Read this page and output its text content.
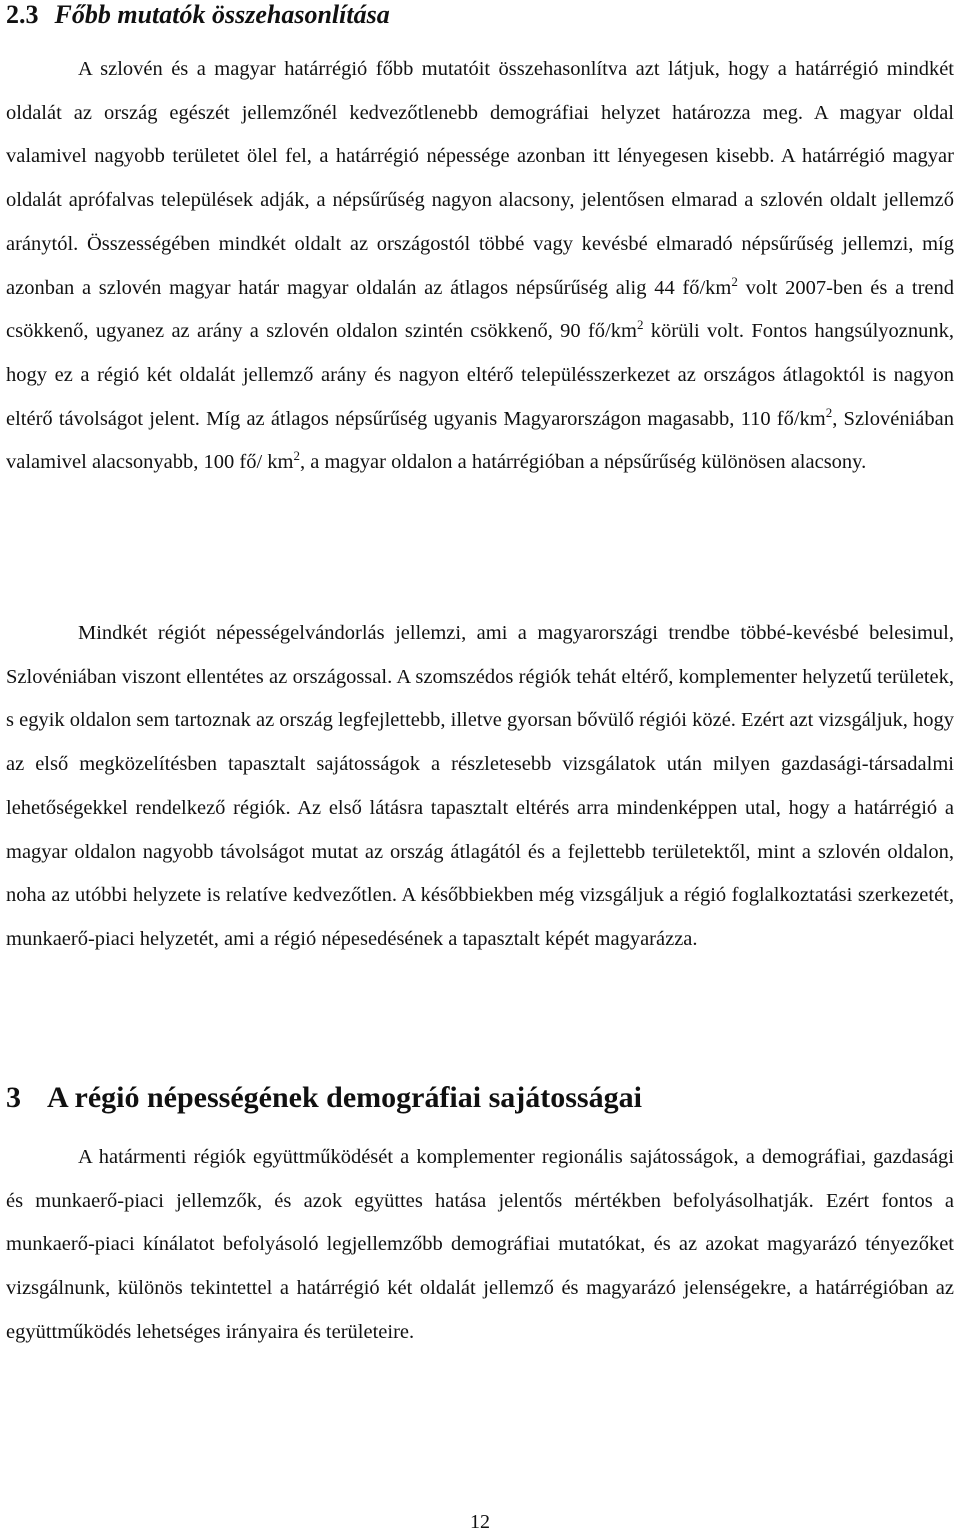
2.3 Főbb mutatók összehasonlítása

A szlovén és a magyar határrégió főbb mutatóit összehasonlítva azt látjuk, hogy a határrégió mindkét oldalát az ország egészét jellemzőnél kedvezőtlenebb demográfiai helyzet határozza meg. A magyar oldal valamivel nagyobb területet ölel fel, a határrégió népessége azonban itt lényegesen kisebb. A határrégió magyar oldalát aprófalvas települések adják, a népsűrűség nagyon alacsony, jelentősen elmarad a szlovén oldalt jellemző aránytól. Összességében mindkét oldalt az országostól többé vagy kevésbé elmaradó népsűrűség jellemzi, míg azonban a szlovén magyar határ magyar oldalán az átlagos népsűrűség alig 44 $fő/km^2$ volt 2007-ben és a trend csökkenő, ugyanez az arány a szlovén oldalon szintén csökkenő, 90 $fő/km^2$ körüli volt. Fontos hangsúlyoznunk, hogy ez a régió két oldalát jellemző arány és nagyon eltérő településszerkezet az országos átlagoktól is nagyon eltérő távolságot jelent. Míg az átlagos népsűrűség ugyanis Magyarországon magasabb, 110 $fő/km^2$, Szlovéniában valamivel alacsonyabb, 100 fő/ $km^2$, a magyar oldalon a határrégióban a népsűrűség különösen alacsony.

Mindkét régiót népességelvándorlás jellemzi, ami a magyarországi trendbe többé-kevésbé belesimul, Szlovéniában viszont ellentétes az országossal. A szomszédos régiók tehát eltérő, komplementer helyzetű területek, s egyik oldalon sem tartoznak az ország legfejlettebb, illetve gyorsan bővülő régiói közé. Ezért azt vizsgáljuk, hogy az első megközelítésben tapasztalt sajátosságok a részletesebb vizsgálatok után milyen gazdasági-társadalmi lehetőségekkel rendelkező régiók. Az első látásra tapasztalt eltérés arra mindenképpen utal, hogy a határrégió a magyar oldalon nagyobb távolságot mutat az ország átlagától és a fejlettebb területektől, mint a szlovén oldalon, noha az utóbbi helyzete is relatíve kedvezőtlen. A későbbiekben még vizsgáljuk a régió foglalkoztatási szerkezetét, munkaerő-piaci helyzetét, ami a régió népesedésének a tapasztalt képét magyarázza.

3 A régió népességének demográfiai sajátosságai

A határmenti régiók együttműködését a komplementer regionális sajátosságok, a demográfiai, gazdasági és munkaerő-piaci jellemzők, és azok együttes hatása jelentős mértékben befolyásolhatják. Ezért fontos a munkaerő-piaci kínálatot befolyásoló legjellemzőbb demográfiai mutatókat, és az azokat magyarázó tényezőket vizsgálnunk, különös tekintettel a határrégió két oldalát jellemző és magyarázó jelenségekre, a határrégióban az együttműködés lehetséges irányaira és területeire.

12
